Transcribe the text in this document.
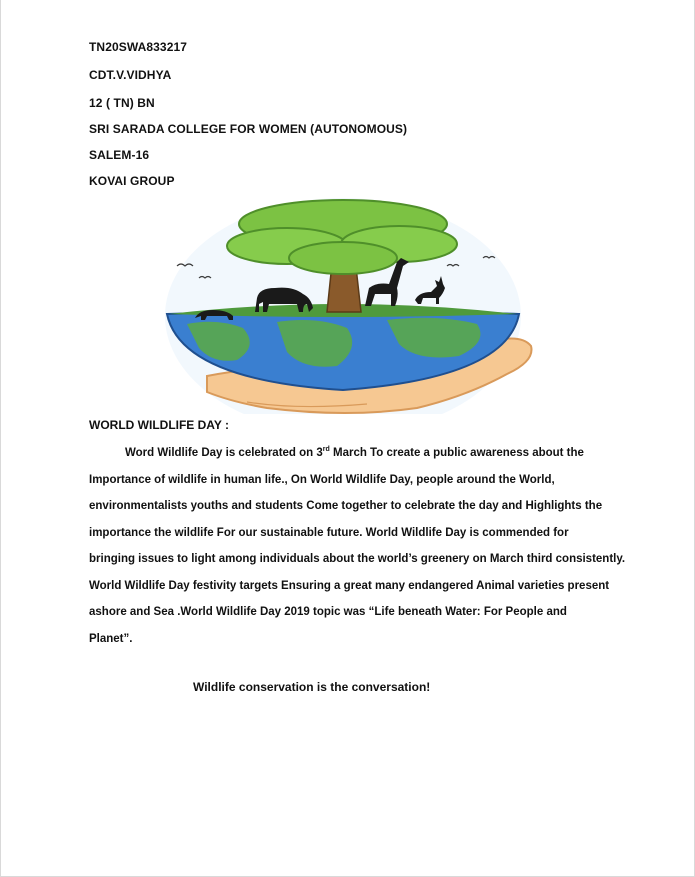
TN20SWA833217

CDT.V.VIDHYA

12 ( TN) BN

SRI SARADA COLLEGE FOR WOMEN (AUTONOMOUS)

SALEM-16

KOVAI GROUP

WORLD WILDLIFE DAY :

Word Wildlife Day is celebrated on 3rd March To create a public awareness about the
Importance of wildlife in human life., On World Wildlife Day, people around the World,
environmentalists youths and students Come together to celebrate the day and Highlights the
importance the wildlife For our sustainable future. World Wildlife Day is commended for
bringing issues to light among individuals about the world’s greenery on March third consistently.
World Wildlife Day festivity targets Ensuring a great many endangered Animal varieties present
ashore and Sea .World Wildlife Day 2019 topic was “Life beneath Water: For People and
Planet”.

Wildlife conservation is the conversation!
